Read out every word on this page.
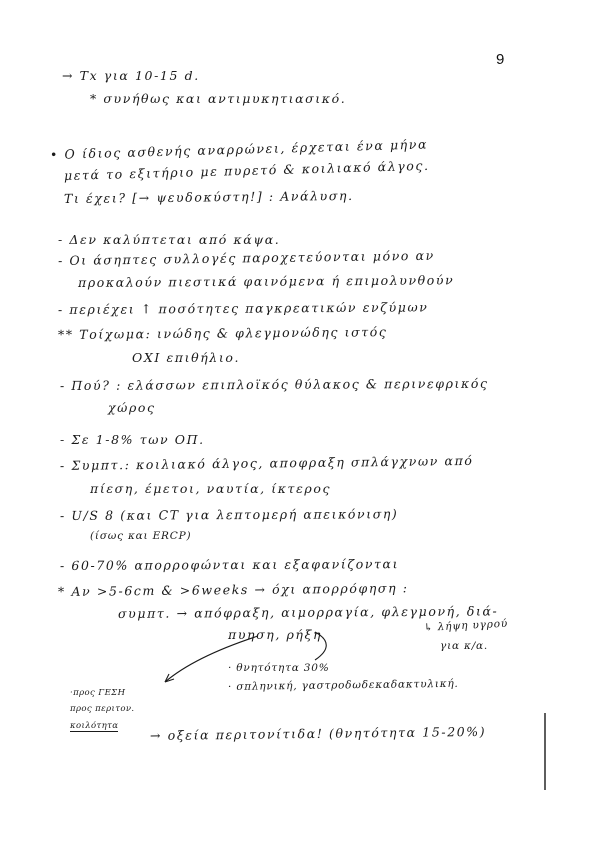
9
→ Tx για 10-15 d.
* συνήθως και αντιμυκητιασικό.
• Ο ίδιος ασθενής αναρρώνει, έρχεται ένα μήνα
μετά το εξιτήριο με πυρετό & κοιλιακό άλγος.
Τι έχει? [→ ψευδοκύστη!] : Ανάλυση.
- Δεν καλύπτεται από κάψα.
- Οι άσηπτες συλλογές παροχετεύονται μόνο αν
προκαλούν πιεστικά φαινόμενα ή επιμολυνθούν
- περιέχει ↑ ποσότητες παγκρεατικών ενζύμων
** Τοίχωμα: ινώδης & φλεγμονώδης ιστός
ΟΧΙ επιθήλιο.
- Πού? : ελάσσων επιπλοϊκός θύλακος & περινεφρικός
χώρος
- Σε 1-8% των ΟΠ.
- Συμπτ.: κοιλιακό άλγος, αποφραξη σπλάγχνων από
πίεση, έμετοι, ναυτία, ίκτερος
- U/S 8 (και CT για λεπτομερή απεικόνιση)
(ίσως και ERCP)
- 60-70% απορροφώνται και εξαφανίζονται
* Αν >5-6cm & >6weeks → όχι απορρόφηση :
συμπτ. → απόφραξη, αιμορραγία, φλεγμονή, διά-
πυηση, ρήξη
↳ λήψη υγρού
για κ/α.
· θνητότητα 30%
· σπληνική, γαστροδωδεκαδακτυλική.
·προς ΓΕΣΗ
προς περιτον.
κοιλότητα	→ οξεία περιτονίτιδα! (θνητότητα 15-20%)
